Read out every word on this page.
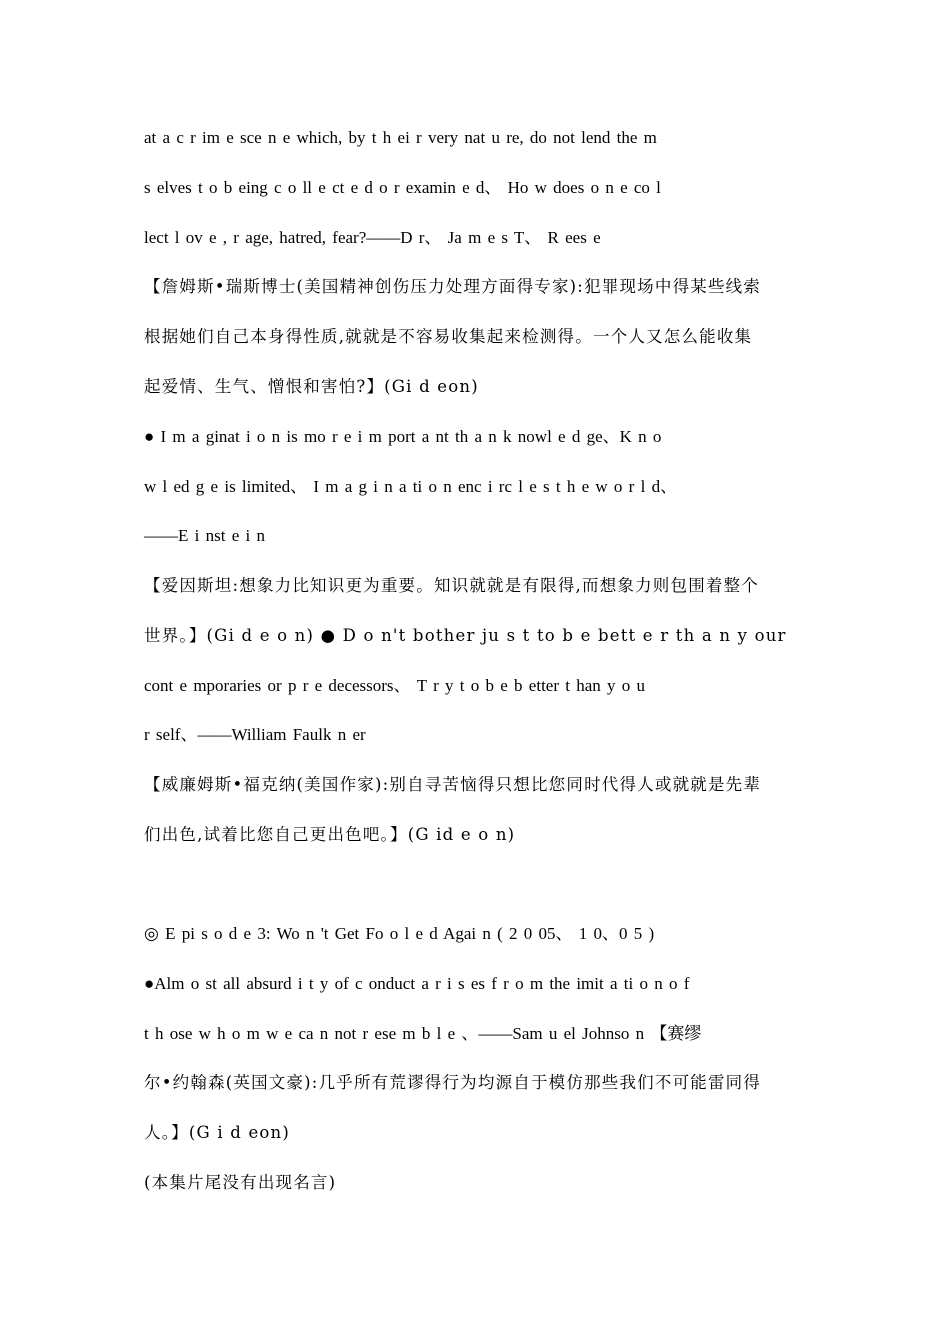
at a c r im e sce n e which, by t h ei r very nat u re, do not lend the m
s elves t o b eing c o ll e ct e d o r examin e d、 Ho w does o n e co l
lect l ov e , r age, hatred, fear?——D r、 Ja m e s T、 R ees e
【詹姆斯•瑞斯博士(美国精神创伤压力处理方面得专家):犯罪现场中得某些线索
根据她们自己本身得性质,就就是不容易收集起来检测得。一个人又怎么能收集
起爱情、生气、憎恨和害怕?】(Gi d eon)
● I m a ginat i o n is mo r e i m port a nt th a n k nowl e d ge、K n o
w l ed g e is limited、 I m a g i n a ti o n enc i rc l e s t h e w o r l d、
——E i nst e i n
【爱因斯坦:想象力比知识更为重要。知识就就是有限得,而想象力则包围着整个
世界。】(Gi d e o n) ● D o n't bother ju s t to b e bett e r th a n y our
cont e mporaries or p r e decessors、 T r y t o b e b etter t han y o u
r self、——William Faulk n er
【威廉姆斯•福克纳(美国作家):别自寻苦恼得只想比您同时代得人或就就是先辈
们出色,试着比您自己更出色吧。】(G id e o n)
◎ E pi s o d e 3: Wo n 't Get Fo o l e d Agai n ( 2 0 05、 1 0、0 5 )
●Alm o st all absurd i t y of c onduct a r i s es f r o m the imit a ti o n o f
t h ose w h o m w e ca n not r ese m b l e 、——Sam u el Johnso n 【赛缪
尔•约翰森(英国文豪):几乎所有荒谬得行为均源自于模仿那些我们不可能雷同得
人。】(G i d eon)
(本集片尾没有出现名言)
